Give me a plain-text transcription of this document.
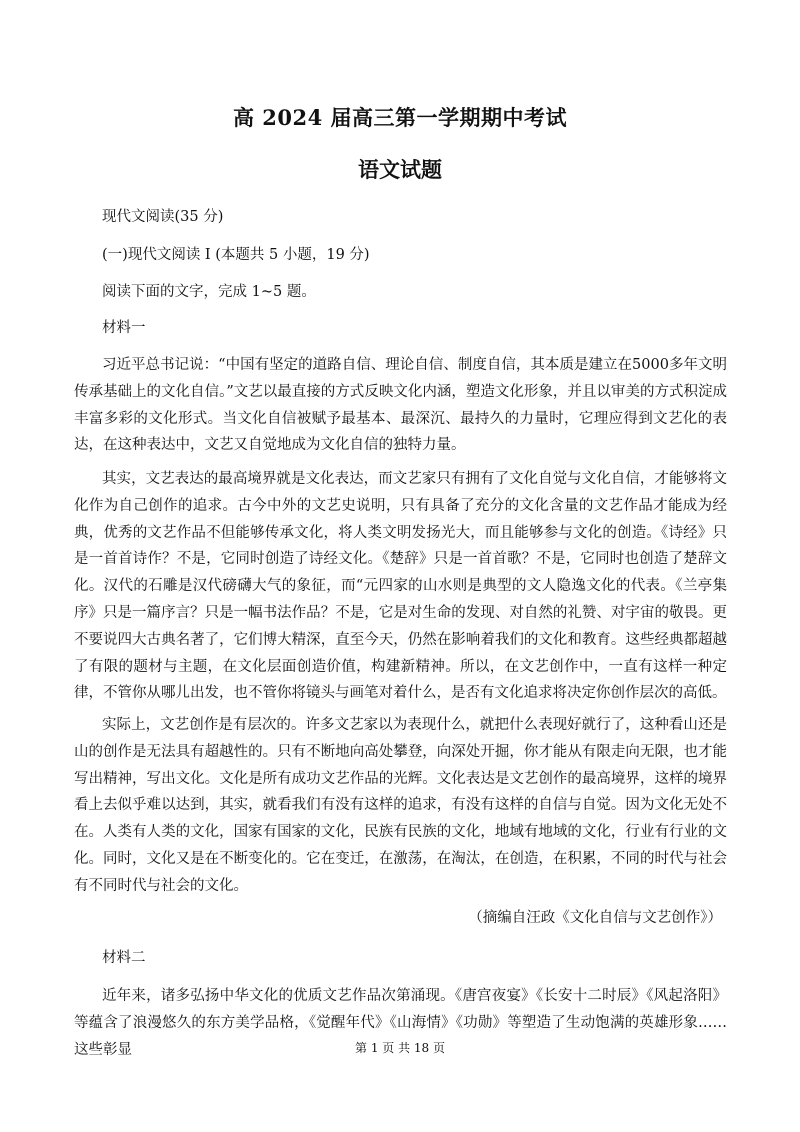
高 2024 届高三第一学期期中考试
语文试题
现代文阅读(35 分)
(一)现代文阅读 I (本题共 5 小题，19 分)
阅读下面的文字，完成 1~5 题。
材料一

习近平总书记说：“中国有坚定的道路自信、理论自信、制度自信，其本质是建立在5000多年文明传承基础上的文化自信。”文艺以最直接的方式反映文化内涵，塑造文化形象，并且以审美的方式积淀成丰富多彩的文化形式。当文化自信被赋予最基本、最深沉、最持久的力量时，它理应得到文艺化的表达，在这种表达中，文艺又自觉地成为文化自信的独特力量。

其实，文艺表达的最高境界就是文化表达，而文艺家只有拥有了文化自觉与文化自信，才能够将文化作为自己创作的追求。古今中外的文艺史说明，只有具备了充分的文化含量的文艺作品才能成为经典，优秀的文艺作品不但能够传承文化，将人类文明发扬光大，而且能够参与文化的创造。《诗经》只是一首首诗作？不是，它同时创造了诗经文化。《楚辞》只是一首首歌？不是，它同时也创造了楚辞文化。汉代的石雕是汉代磅礴大气的象征，而“元四家的山水则是典型的文人隐逸文化的代表。《兰亭集序》只是一篇序言？只是一幅书法作品？不是，它是对生命的发现、对自然的礼赞、对宇宙的敬畏。更不要说四大古典名著了，它们博大精深，直至今天，仍然在影响着我们的文化和教育。这些经典都超越了有限的题材与主题，在文化层面创造价值，构建新精神。所以，在文艺创作中，一直有这样一种定律，不管你从哪儿出发，也不管你将镜头与画笔对着什么，是否有文化追求将决定你创作层次的高低。

实际上，文艺创作是有层次的。许多文艺家以为表现什么，就把什么表现好就行了，这种看山还是山的创作是无法具有超越性的。只有不断地向高处攀登，向深处开掘，你才能从有限走向无限，也才能写出精神，写出文化。文化是所有成功文艺作品的光辉。文化表达是文艺创作的最高境界，这样的境界看上去似乎难以达到，其实，就看我们有没有这样的追求，有没有这样的自信与自觉。因为文化无处不在。人类有人类的文化，国家有国家的文化，民族有民族的文化，地域有地域的文化，行业有行业的文化。同时，文化又是在不断变化的。它在变迁，在激荡，在淘汰，在创造，在积累，不同的时代与社会有不同时代与社会的文化。

（摘编自汪政《文化自信与文艺创作》）
材料二

近年来，诸多弘扬中华文化的优质文艺作品次第涌现。《唐宫夜宴》《长安十二时辰》《风起洛阳》等蕴含了浪漫悠久的东方美学品格，《觉醒年代》《山海情》《功勋》等塑造了生动饱满的英雄形象……这些彰显	第 1 页 共 18 页
